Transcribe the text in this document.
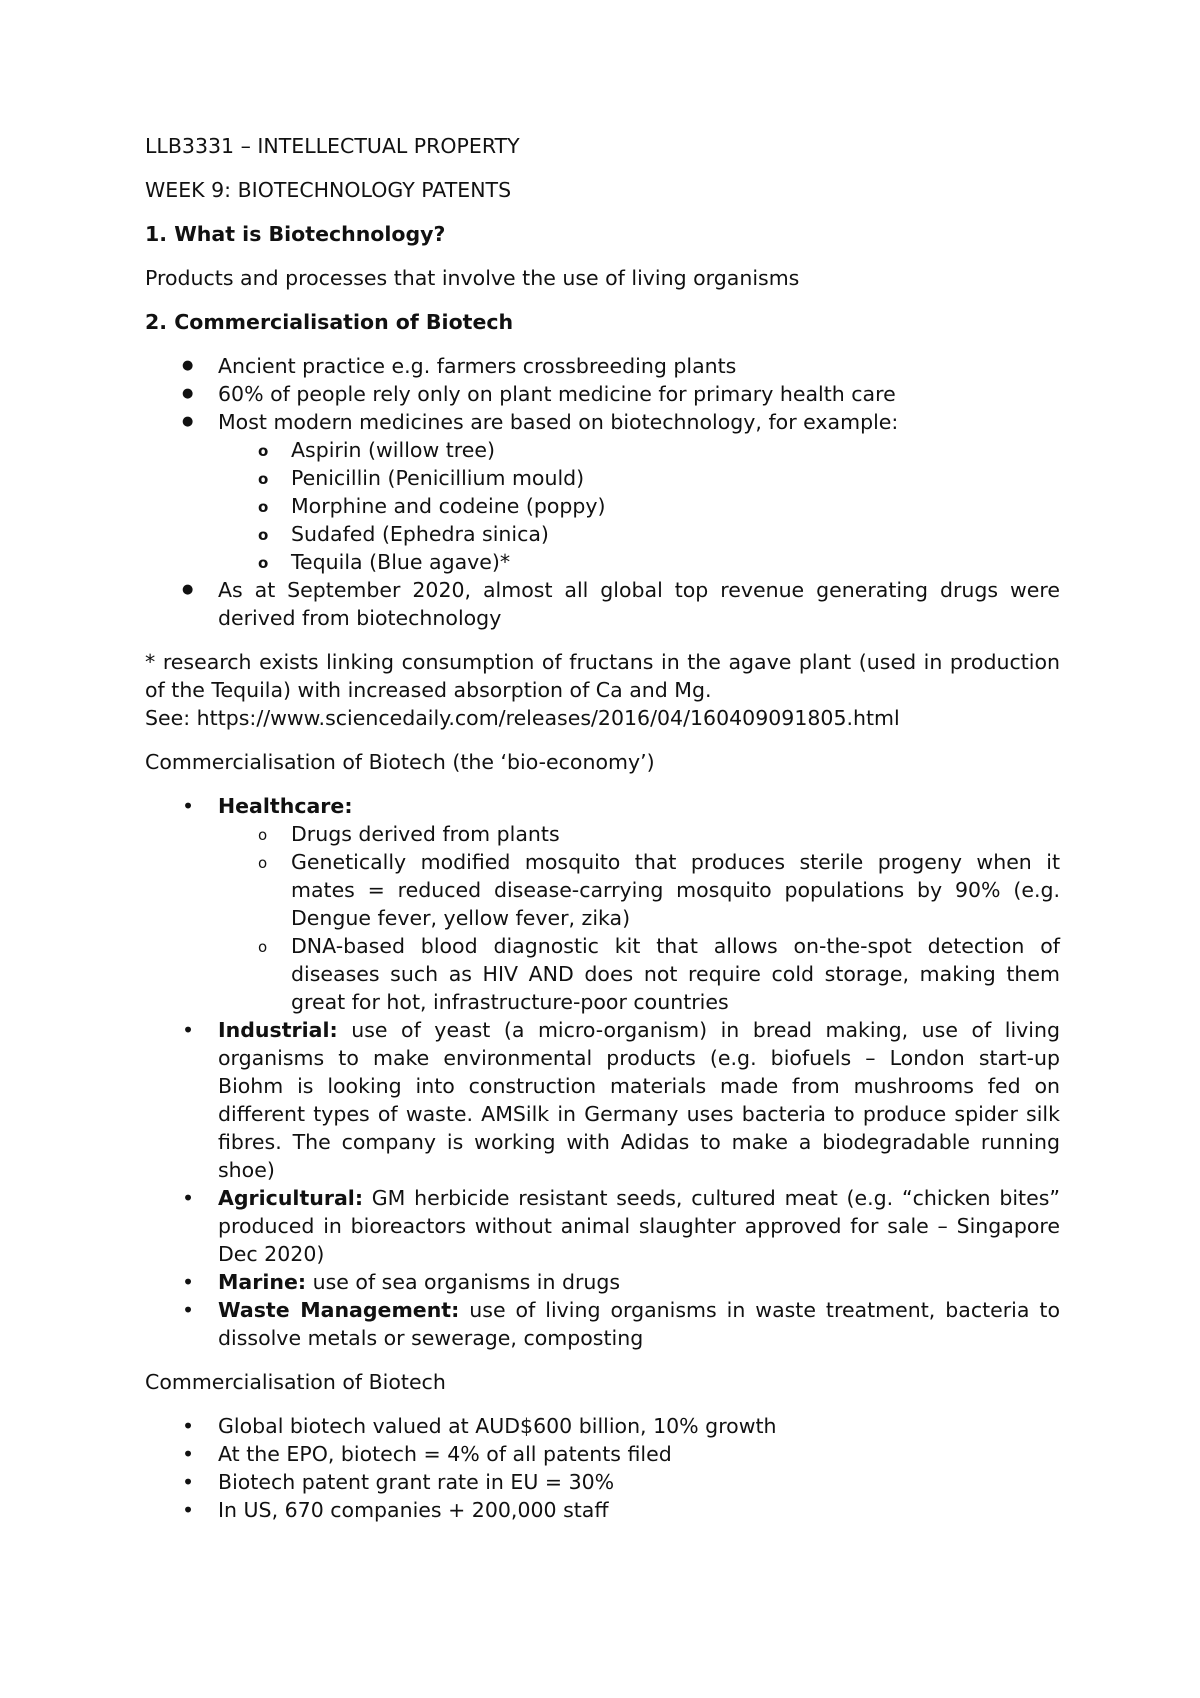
LLB3331 – INTELLECTUAL PROPERTY

WEEK 9: BIOTECHNOLOGY PATENTS

1. What is Biotechnology?

Products and processes that involve the use of living organisms

2. Commercialisation of Biotech

●	Ancient practice e.g. farmers crossbreeding plants
●	60% of people rely only on plant medicine for primary health care
●	Most modern medicines are based on biotechnology, for example:
o Aspirin (willow tree)
o Penicillin (Penicillium mould)
o Morphine and codeine (poppy)
o Sudafed (Ephedra sinica)
o Tequila (Blue agave)*
●	As at September 2020, almost all global top revenue generating drugs were derived from biotechnology

* research exists linking consumption of fructans in the agave plant (used in production of the Tequila) with increased absorption of Ca and Mg.

See: https://www.sciencedaily.com/releases/2016/04/160409091805.html

Commercialisation of Biotech (the ‘bio-economy’)

•	Healthcare:
o Drugs derived from plants
o Genetically modified mosquito that produces sterile progeny when it mates = reduced disease-carrying mosquito populations by 90% (e.g. Dengue fever, yellow fever, zika)
o DNA-based blood diagnostic kit that allows on-the-spot detection of diseases such as HIV AND does not require cold storage, making them great for hot, infrastructure-poor countries
•	Industrial: use of yeast (a micro-organism) in bread making, use of living organisms to make environmental products (e.g. biofuels – London start-up Biohm is looking into construction materials made from mushrooms fed on different types of waste. AMSilk in Germany uses bacteria to produce spider silk fibres. The company is working with Adidas to make a biodegradable running shoe)
•	Agricultural: GM herbicide resistant seeds, cultured meat (e.g. “chicken bites” produced in bioreactors without animal slaughter approved for sale – Singapore Dec 2020)
•	Marine: use of sea organisms in drugs
•	Waste Management: use of living organisms in waste treatment, bacteria to dissolve metals or sewerage, composting

Commercialisation of Biotech

•	Global biotech valued at AUD$600 billion, 10% growth
•	At the EPO, biotech = 4% of all patents filed
•	Biotech patent grant rate in EU = 30%
•	In US, 670 companies + 200,000 staff
